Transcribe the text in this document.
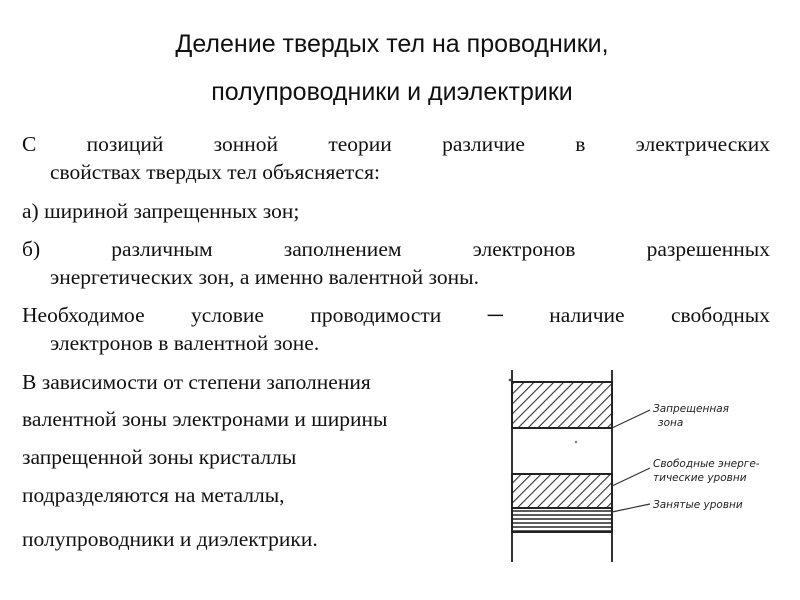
Деление твердых тел на проводники,
полупроводники и диэлектрики
С позиций зонной теории различие в электрических
свойствах твердых тел объясняется:
а) шириной запрещенных зон;
б) различным заполнением электронов разрешенных
энергетических зон, а именно валентной зоны.
Необходимое условие проводимости ─ наличие свободных
электронов в валентной зоне.
В зависимости от степени заполнения
валентной зоны электронами и ширины
запрещенной зоны кристаллы
подразделяются на металлы,
полупроводники и диэлектрики.
Запрещенная
зона
Свободные энерге-
тические уровни
Занятые уровни
